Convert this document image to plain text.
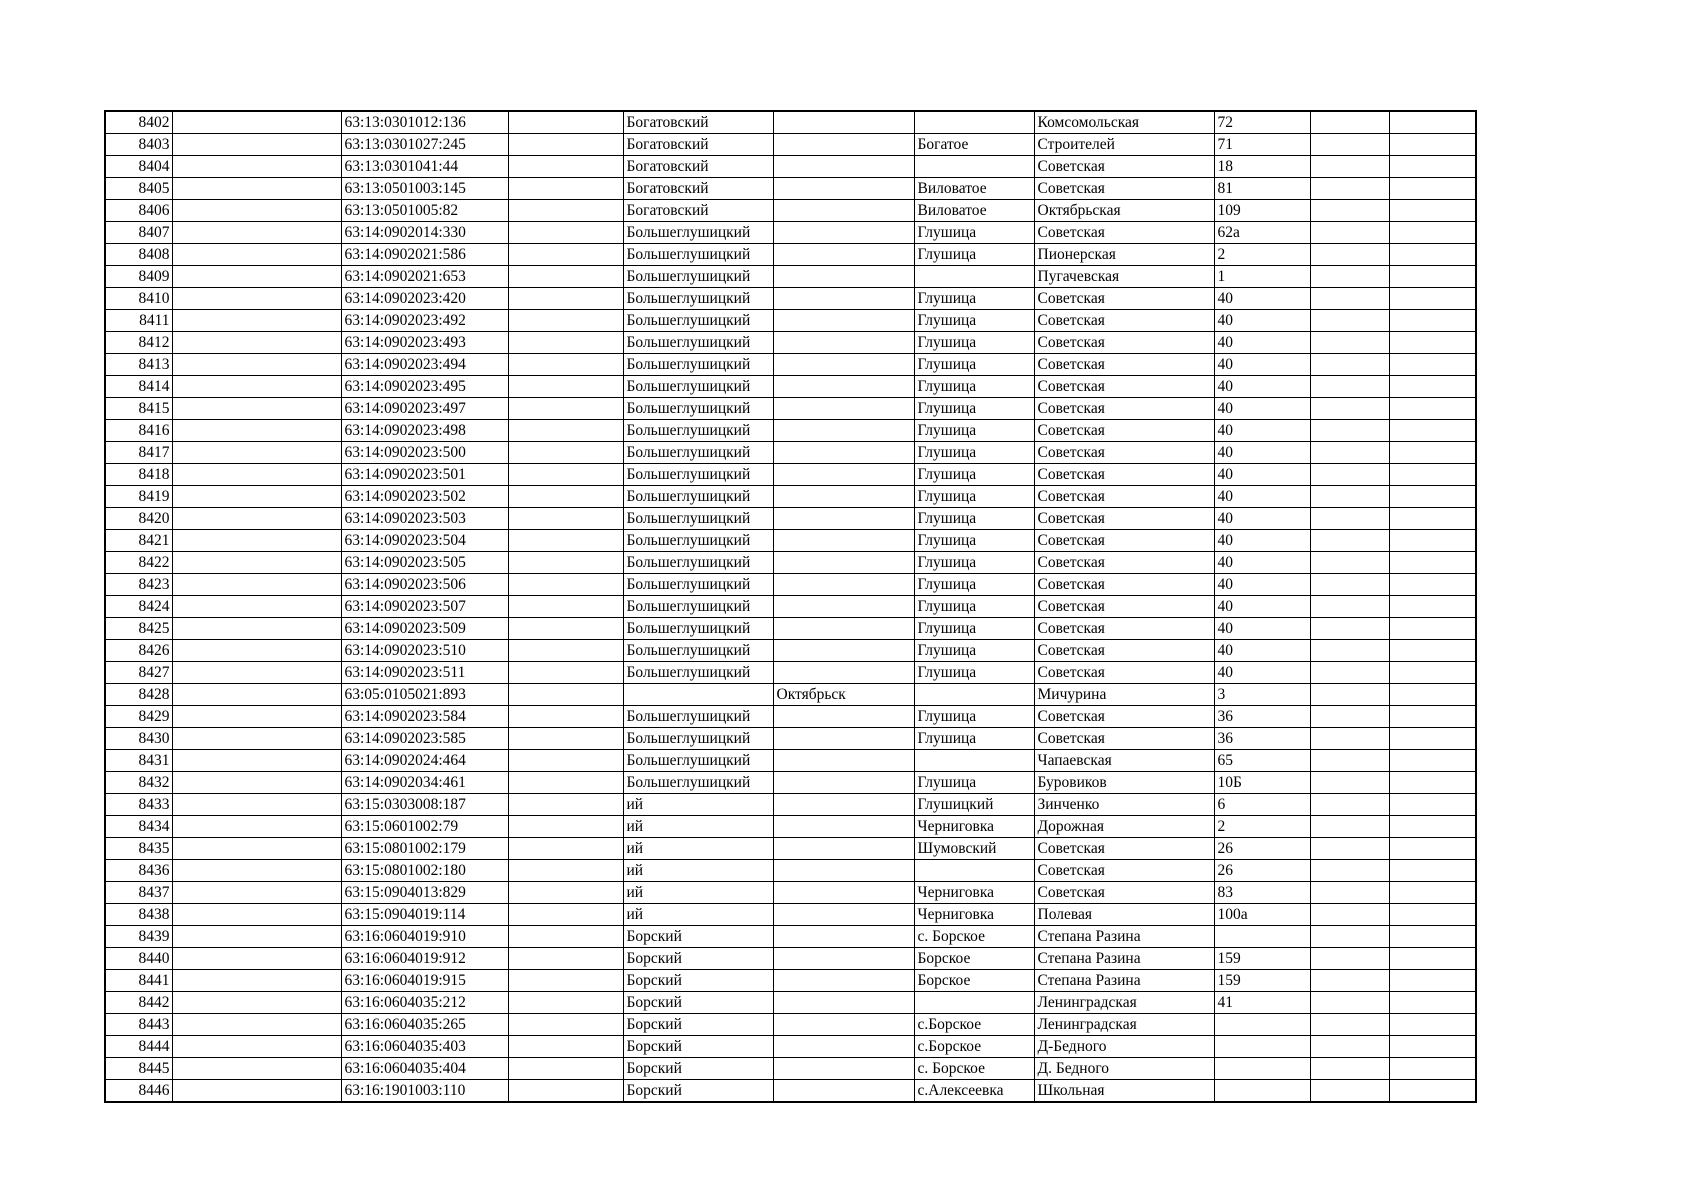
8402		63:13:0301012:136		Богатовский			Комсомольская	72		
8403		63:13:0301027:245		Богатовский		Богатое	Строителей	71		
8404		63:13:0301041:44		Богатовский			Советская	18		
8405		63:13:0501003:145		Богатовский		Виловатое	Советская	81		
8406		63:13:0501005:82		Богатовский		Виловатое	Октябрьская	109		
8407		63:14:0902014:330		Большеглушицкий		Глушица	Советская	62а		
8408		63:14:0902021:586		Большеглушицкий		Глушица	Пионерская	2		
8409		63:14:0902021:653		Большеглушицкий			Пугачевская	1		
8410		63:14:0902023:420		Большеглушицкий		Глушица	Советская	40		
8411		63:14:0902023:492		Большеглушицкий		Глушица	Советская	40		
8412		63:14:0902023:493		Большеглушицкий		Глушица	Советская	40		
8413		63:14:0902023:494		Большеглушицкий		Глушица	Советская	40		
8414		63:14:0902023:495		Большеглушицкий		Глушица	Советская	40		
8415		63:14:0902023:497		Большеглушицкий		Глушица	Советская	40		
8416		63:14:0902023:498		Большеглушицкий		Глушица	Советская	40		
8417		63:14:0902023:500		Большеглушицкий		Глушица	Советская	40		
8418		63:14:0902023:501		Большеглушицкий		Глушица	Советская	40		
8419		63:14:0902023:502		Большеглушицкий		Глушица	Советская	40		
8420		63:14:0902023:503		Большеглушицкий		Глушица	Советская	40		
8421		63:14:0902023:504		Большеглушицкий		Глушица	Советская	40		
8422		63:14:0902023:505		Большеглушицкий		Глушица	Советская	40		
8423		63:14:0902023:506		Большеглушицкий		Глушица	Советская	40		
8424		63:14:0902023:507		Большеглушицкий		Глушица	Советская	40		
8425		63:14:0902023:509		Большеглушицкий		Глушица	Советская	40		
8426		63:14:0902023:510		Большеглушицкий		Глушица	Советская	40		
8427		63:14:0902023:511		Большеглушицкий		Глушица	Советская	40		
8428		63:05:0105021:893			Октябрьск		Мичурина	3		
8429		63:14:0902023:584		Большеглушицкий		Глушица	Советская	36		
8430		63:14:0902023:585		Большеглушицкий		Глушица	Советская	36		
8431		63:14:0902024:464		Большеглушицкий			Чапаевская	65		
8432		63:14:0902034:461		Большеглушицкий		Глушица	Буровиков	10Б		
8433		63:15:0303008:187		ий		Глушицкий	Зинченко	6		
8434		63:15:0601002:79		ий		Черниговка	Дорожная	2		
8435		63:15:0801002:179		ий		Шумовский	Советская	26		
8436		63:15:0801002:180		ий			Советская	26		
8437		63:15:0904013:829		ий		Черниговка	Советская	83		
8438		63:15:0904019:114		ий		Черниговка	Полевая	100а		
8439		63:16:0604019:910		Борский		с. Борское	Степана Разина			
8440		63:16:0604019:912		Борский		Борское	Степана Разина	159		
8441		63:16:0604019:915		Борский		Борское	Степана Разина	159		
8442		63:16:0604035:212		Борский			Ленинградская	41		
8443		63:16:0604035:265		Борский		с.Борское	Ленинградская			
8444		63:16:0604035:403		Борский		с.Борское	Д-Бедного			
8445		63:16:0604035:404		Борский		с. Борское	Д. Бедного			
8446		63:16:1901003:110		Борский		с.Алексеевка	Школьная			
